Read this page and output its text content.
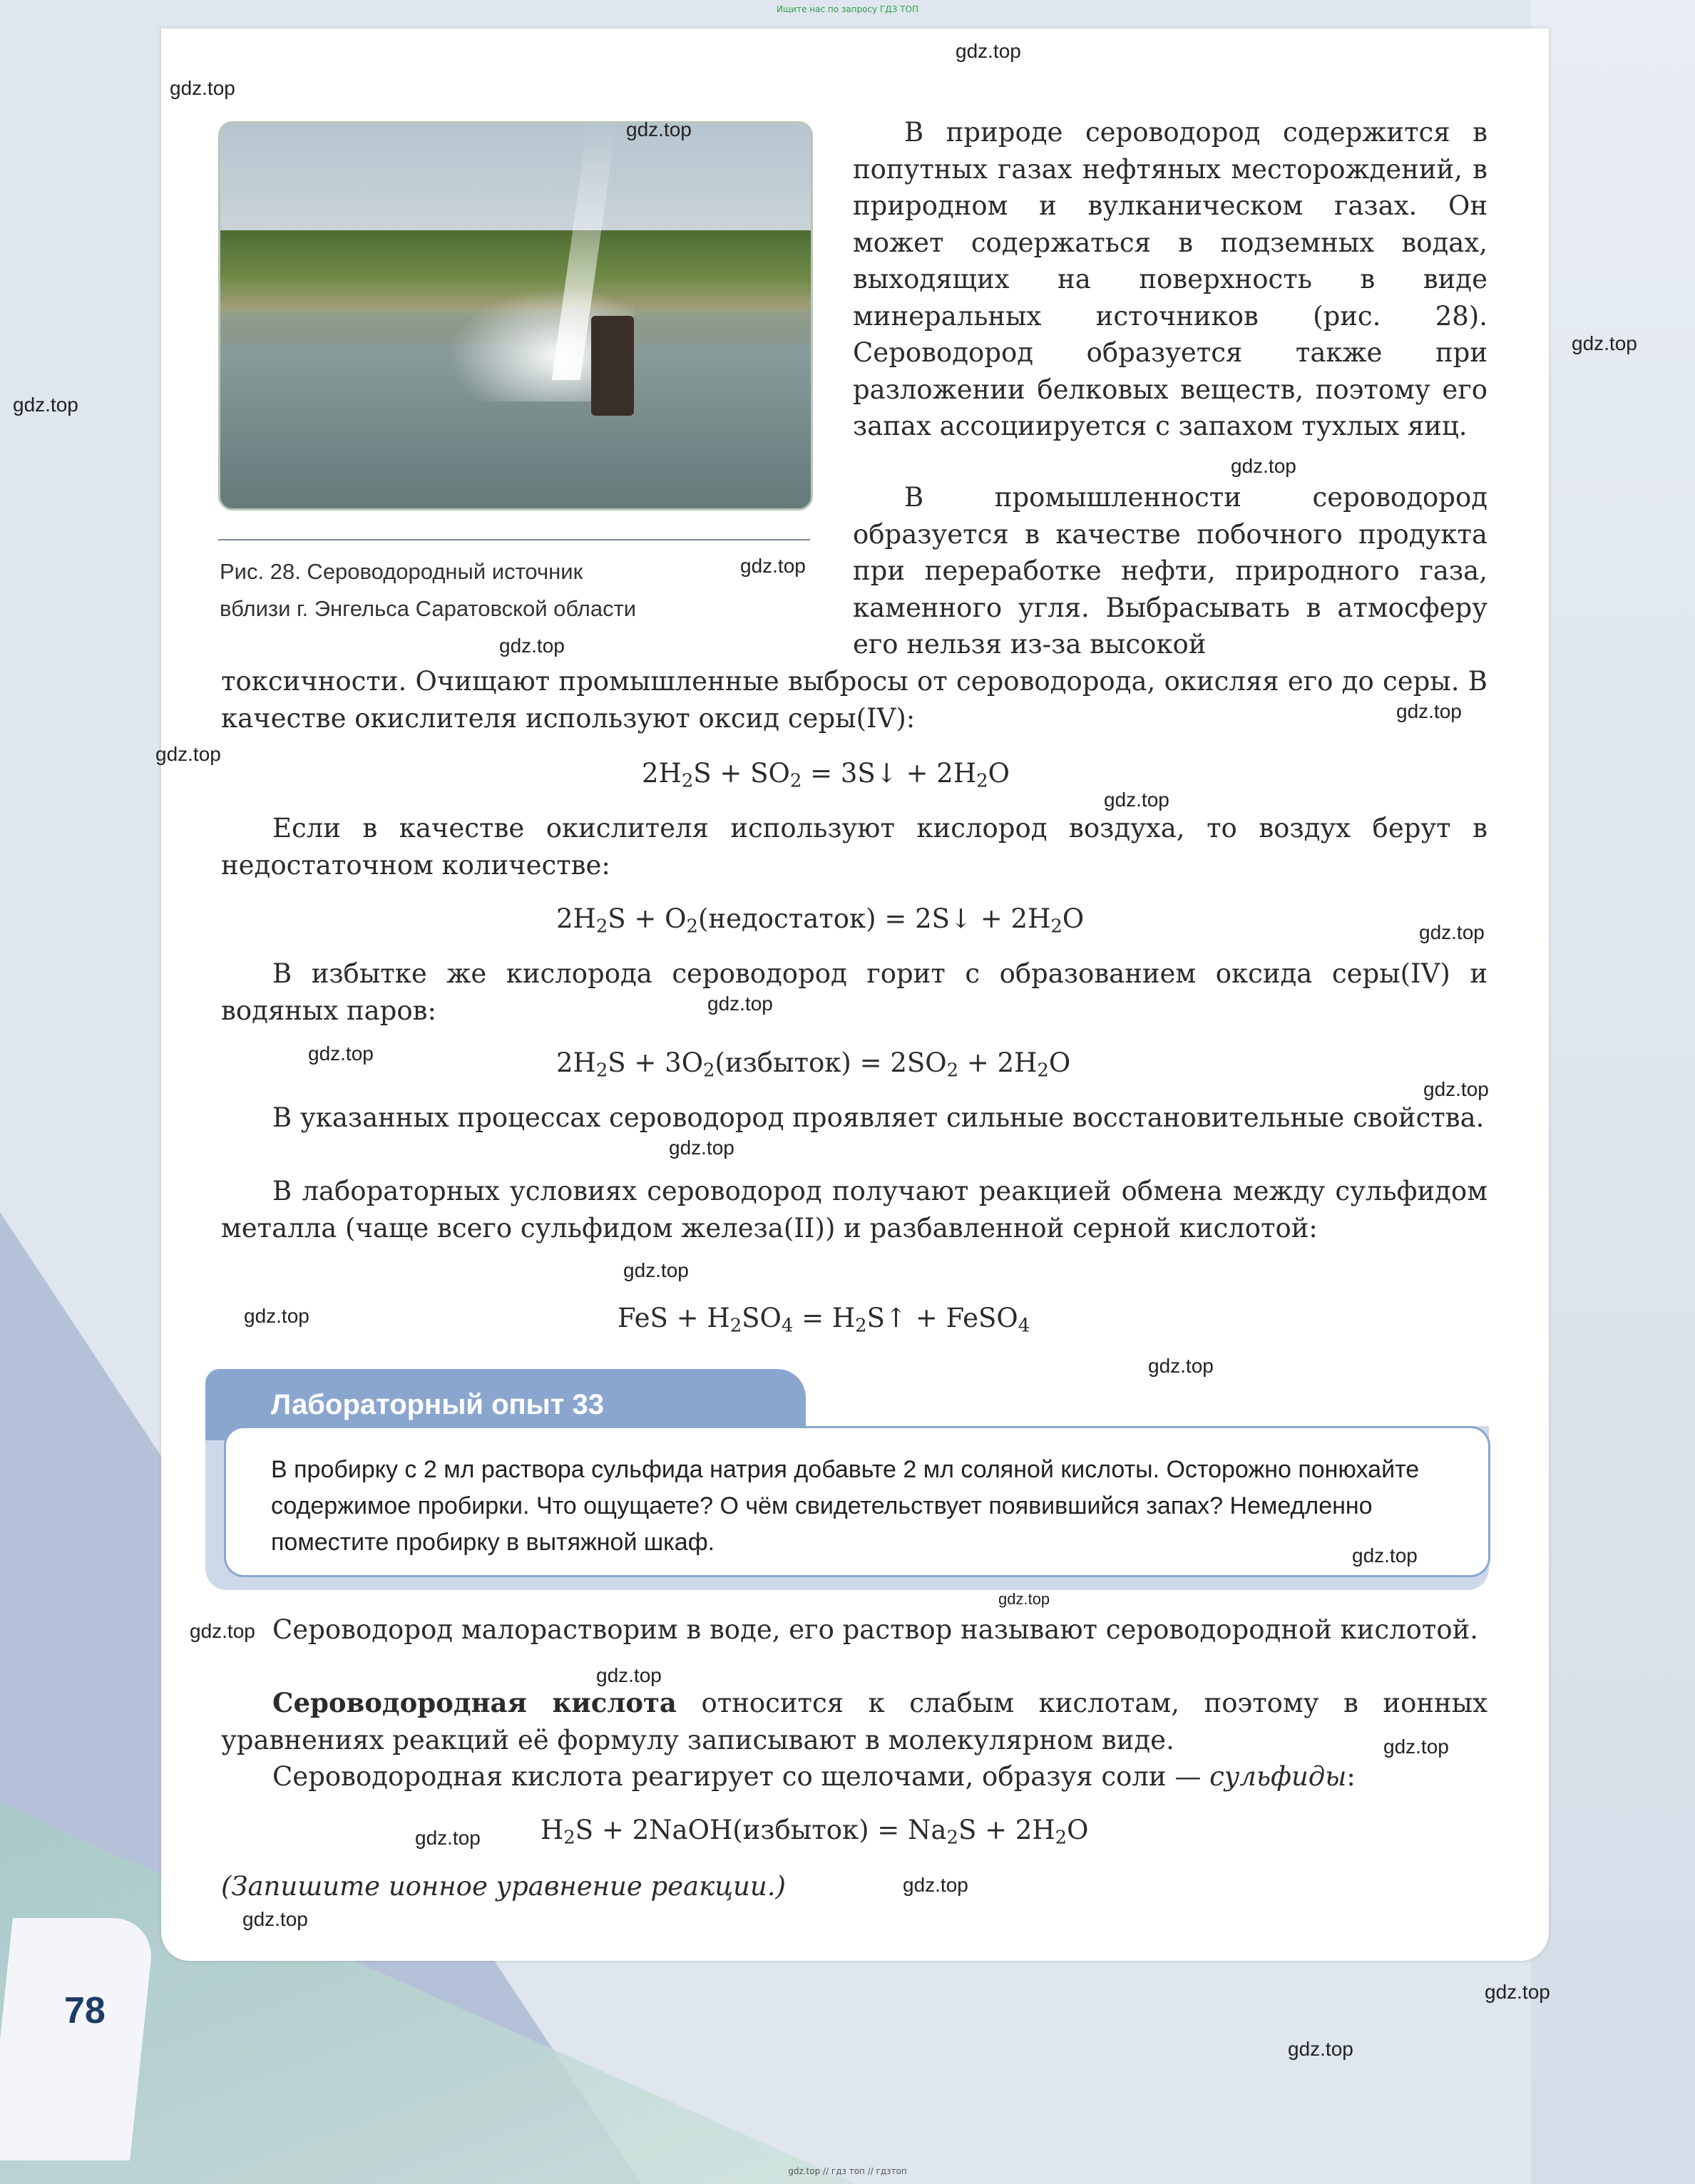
Ищите нас по запросу ГДЗ ТОП
Рис. 28. Сероводородный источник
вблизи г. Энгельса Саратовской области

В природе сероводород содержится в попутных газах нефтяных месторождений, в природном и вулканическом газах. Он может содержаться в подземных водах, выходящих на поверхность в виде минеральных источников (рис. 28). Сероводород образуется также при разложении белковых веществ, поэтому его запах ассоциируется с запахом тухлых яиц.

В промышленности сероводород образуется в качестве побочного продукта при переработке нефти, природного газа, каменного угля. Выбрасывать в атмосферу его нельзя из-за высокой

токсичности. Очищают промышленные выбросы от сероводорода, окисляя его до серы. В качестве окислителя используют оксид серы(IV):

$2H_2S + SO_2$ = 3S↓ + $2H_2O$

Если в качестве окислителя используют кислород воздуха, то воздух берут в недостаточном количестве:

$2H_2S$ + $O_2(недостаток)$ = 2S↓ + $2H_2O$

В избытке же кислорода сероводород горит с образованием оксида серы(IV) и водяных паров:

$2H_2S$ + $3O_2(избыток) = 2SO_2 + 2H_2O$

В указанных процессах сероводород проявляет сильные восстановительные свойства.

В лабораторных условиях сероводород получают реакцией обмена между сульфидом металла (чаще всего сульфидом железа(II)) и разбавленной серной кислотой:

FeS + $H_2SO_4$ = $H_2S↑$ + FeSO$_4$
Лабораторный опыт 33
В пробирку с 2 мл раствора сульфида натрия добавьте 2 мл соляной кислоты. Осторожно понюхайте содержимое пробирки. Что ощущаете? О чём свидетельствует появившийся запах? Немедленно поместите пробирку в вытяжной шкаф.

Сероводород малорастворим в воде, его раствор называют сероводородной кислотой.

Сероводородная кислота относится к слабым кислотам, поэтому в ионных уравнениях реакций её формулу записывают в молекулярном виде.

Сероводородная кислота реагирует со щелочами, образуя соли — сульфиды:

$H_2S$ + 2NaOH(избыток) = $Na_2S + 2H_2O$

(Запишите ионное уравнение реакции.)

78
gdz.top
gdz.top
gdz.top
gdz.top
gdz.top
gdz.top
gdz.top
gdz.top
gdz.top
gdz.top
gdz.top
gdz.top
gdz.top
gdz.top
gdz.top
gdz.top
gdz.top
gdz.top
gdz.top
gdz.top
gdz.top
gdz.top
gdz.top
gdz.top
gdz.top
gdz.top
gdz.top
gdz.top
gdz.top
gdz.top // гдз топ // гдзтоп
